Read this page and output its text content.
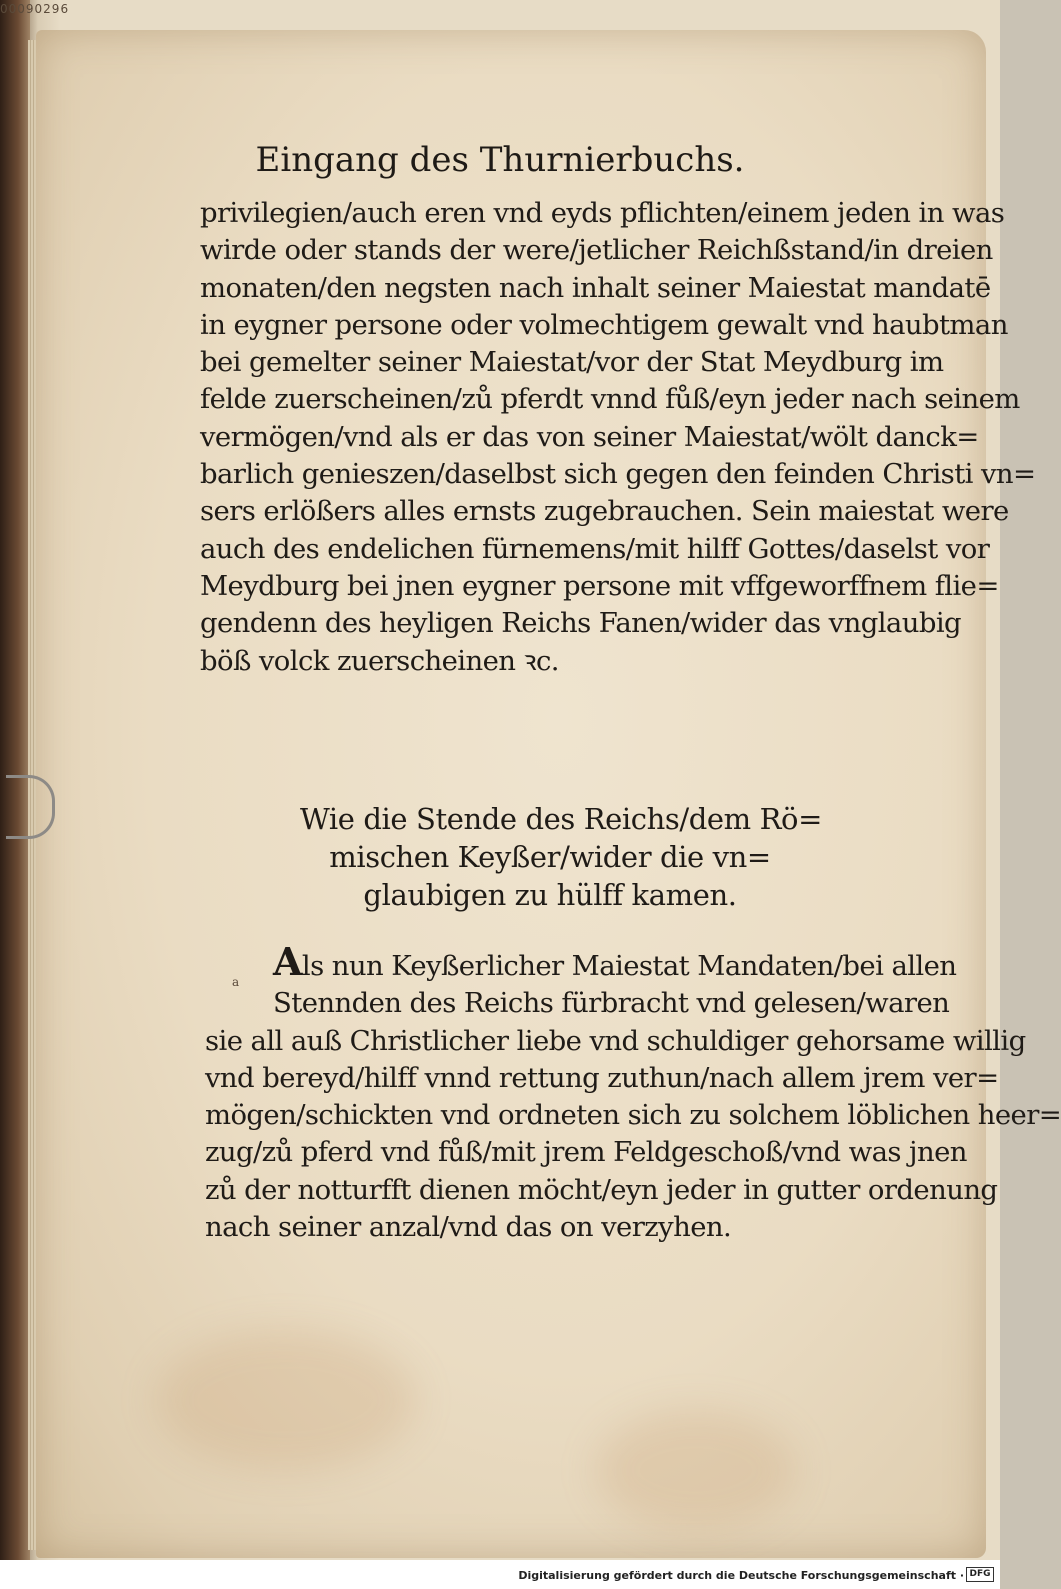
00090296
Eingang des Thurnierbuchs.
privilegien/auch eren vnd eyds pflichten/einem jeden in was
wirde oder stands der were/jetlicher Reichßstand/in dreien
monaten/den negsten nach inhalt seiner Maiestat mandatē
in eygner persone oder volmechtigem gewalt vnd haubtman
bei gemelter seiner Maiestat/vor der Stat Meydburg im
felde zuerscheinen/zů pferdt vnnd fůß/eyn jeder nach seinem
vermögen/vnd als er das von seiner Maiestat/wölt danck=
barlich genieszen/daselbst sich gegen den feinden Christi vn=
sers erlößers alles ernsts zugebrauchen. Sein maiestat were
auch des endelichen fürnemens/mit hilff Gottes/daselst vor
Meydburg bei jnen eygner persone mit vffgeworffnem flie=
gendenn des heyligen Reichs Fanen/wider das vnglaubig
böß volck zuerscheinen ꝛc.
Wie die Stende des Reichs/dem Rö=
mischen Keyßer/wider die vn=
glaubigen zu hülff kamen.
a Als nun Keyßerlicher Maiestat Mandaten/bei allen
Stennden des Reichs fürbracht vnd gelesen/waren
sie all auß Christlicher liebe vnd schuldiger gehorsame willig
vnd bereyd/hilff vnnd rettung zuthun/nach allem jrem ver=
mögen/schickten vnd ordneten sich zu solchem löblichen heer=
zug/zů pferd vnd fůß/mit jrem Feldgeschoß/vnd was jnen
zů der notturfft dienen möcht/eyn jeder in gutter ordenung
nach seiner anzal/vnd das on verzyhen.
Digitalisierung gefördert durch die Deutsche Forschungsgemeinschaft · DFG
